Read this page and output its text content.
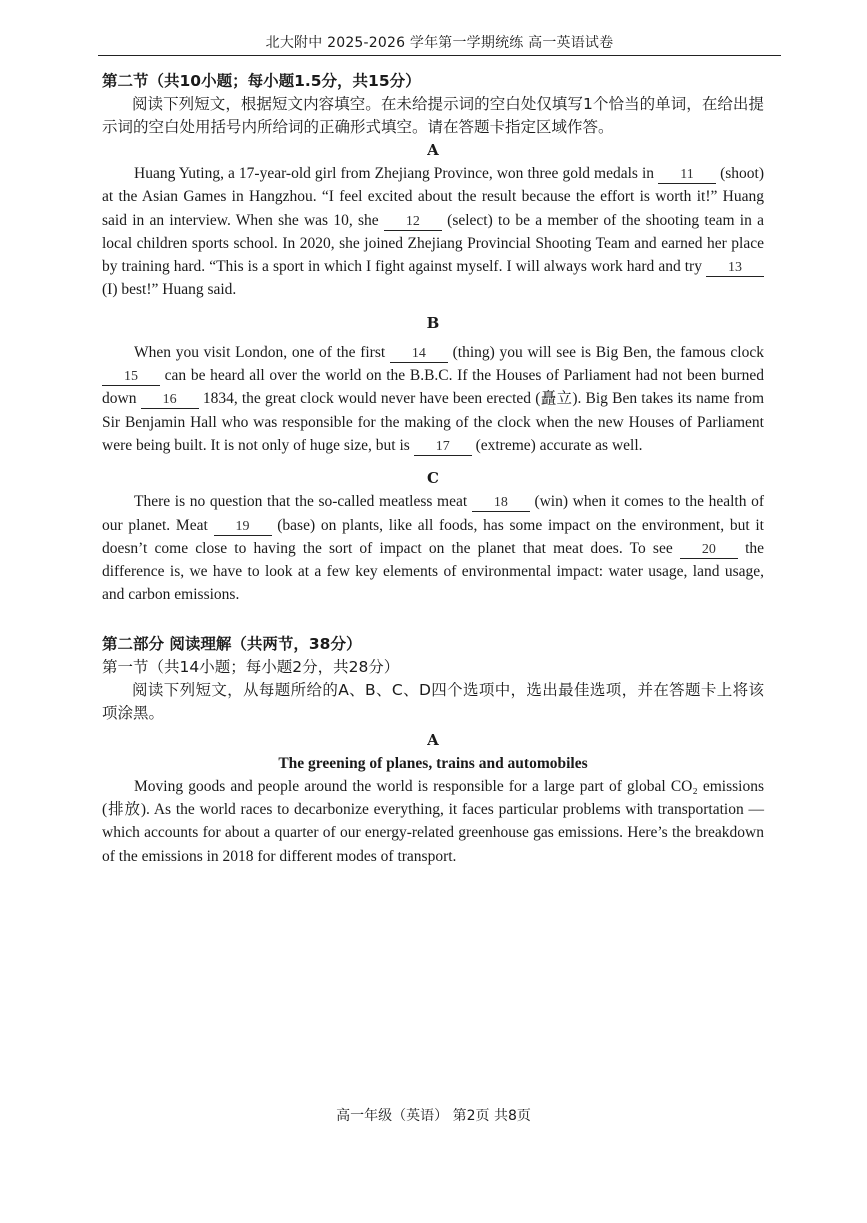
北大附中 2025-2026 学年第一学期统练 高一英语试卷

第二节（共10小题；每小题1.5分，共15分）

阅读下列短文，根据短文内容填空。在未给提示词的空白处仅填写1个恰当的单词，在给出提示词的空白处用括号内所给词的正确形式填空。请在答题卡指定区域作答。

A

Huang Yuting, a 17-year-old girl from Zhejiang Province, won three gold medals in 11 (shoot) at the Asian Games in Hangzhou. “I feel excited about the result because the effort is worth it!” Huang said in an interview. When she was 10, she 12 (select) to be a member of the shooting team in a local children sports school. In 2020, she joined Zhejiang Provincial Shooting Team and earned her place by training hard. “This is a sport in which I fight against myself. I will always work hard and try 13 (I) best!” Huang said.

B

When you visit London, one of the first 14 (thing) you will see is Big Ben, the famous clock 15 can be heard all over the world on the B.B.C. If the Houses of Parliament had not been burned down 16 1834, the great clock would never have been erected (矗立). Big Ben takes its name from Sir Benjamin Hall who was responsible for the making of the clock when the new Houses of Parliament were being built. It is not only of huge size, but is 17 (extreme) accurate as well.

C

There is no question that the so-called meatless meat 18 (win) when it comes to the health of our planet. Meat 19 (base) on plants, like all foods, has some impact on the environment, but it doesn’t come close to having the sort of impact on the planet that meat does. To see 20 the difference is, we have to look at a few key elements of environmental impact: water usage, land usage, and carbon emissions.

第二部分 阅读理解（共两节，38分）

第一节（共14小题；每小题2分，共28分）

阅读下列短文，从每题所给的A、B、C、D四个选项中，选出最佳选项，并在答题卡上将该项涂黑。

A

The greening of planes, trains and automobiles

Moving goods and people around the world is responsible for a large part of global CO₂ emissions (排放). As the world races to decarbonize everything, it faces particular problems with transportation — which accounts for about a quarter of our energy-related greenhouse gas emissions. Here’s the breakdown of the emissions in 2018 for different modes of transport.

高一年级（英语） 第2页 共8页
